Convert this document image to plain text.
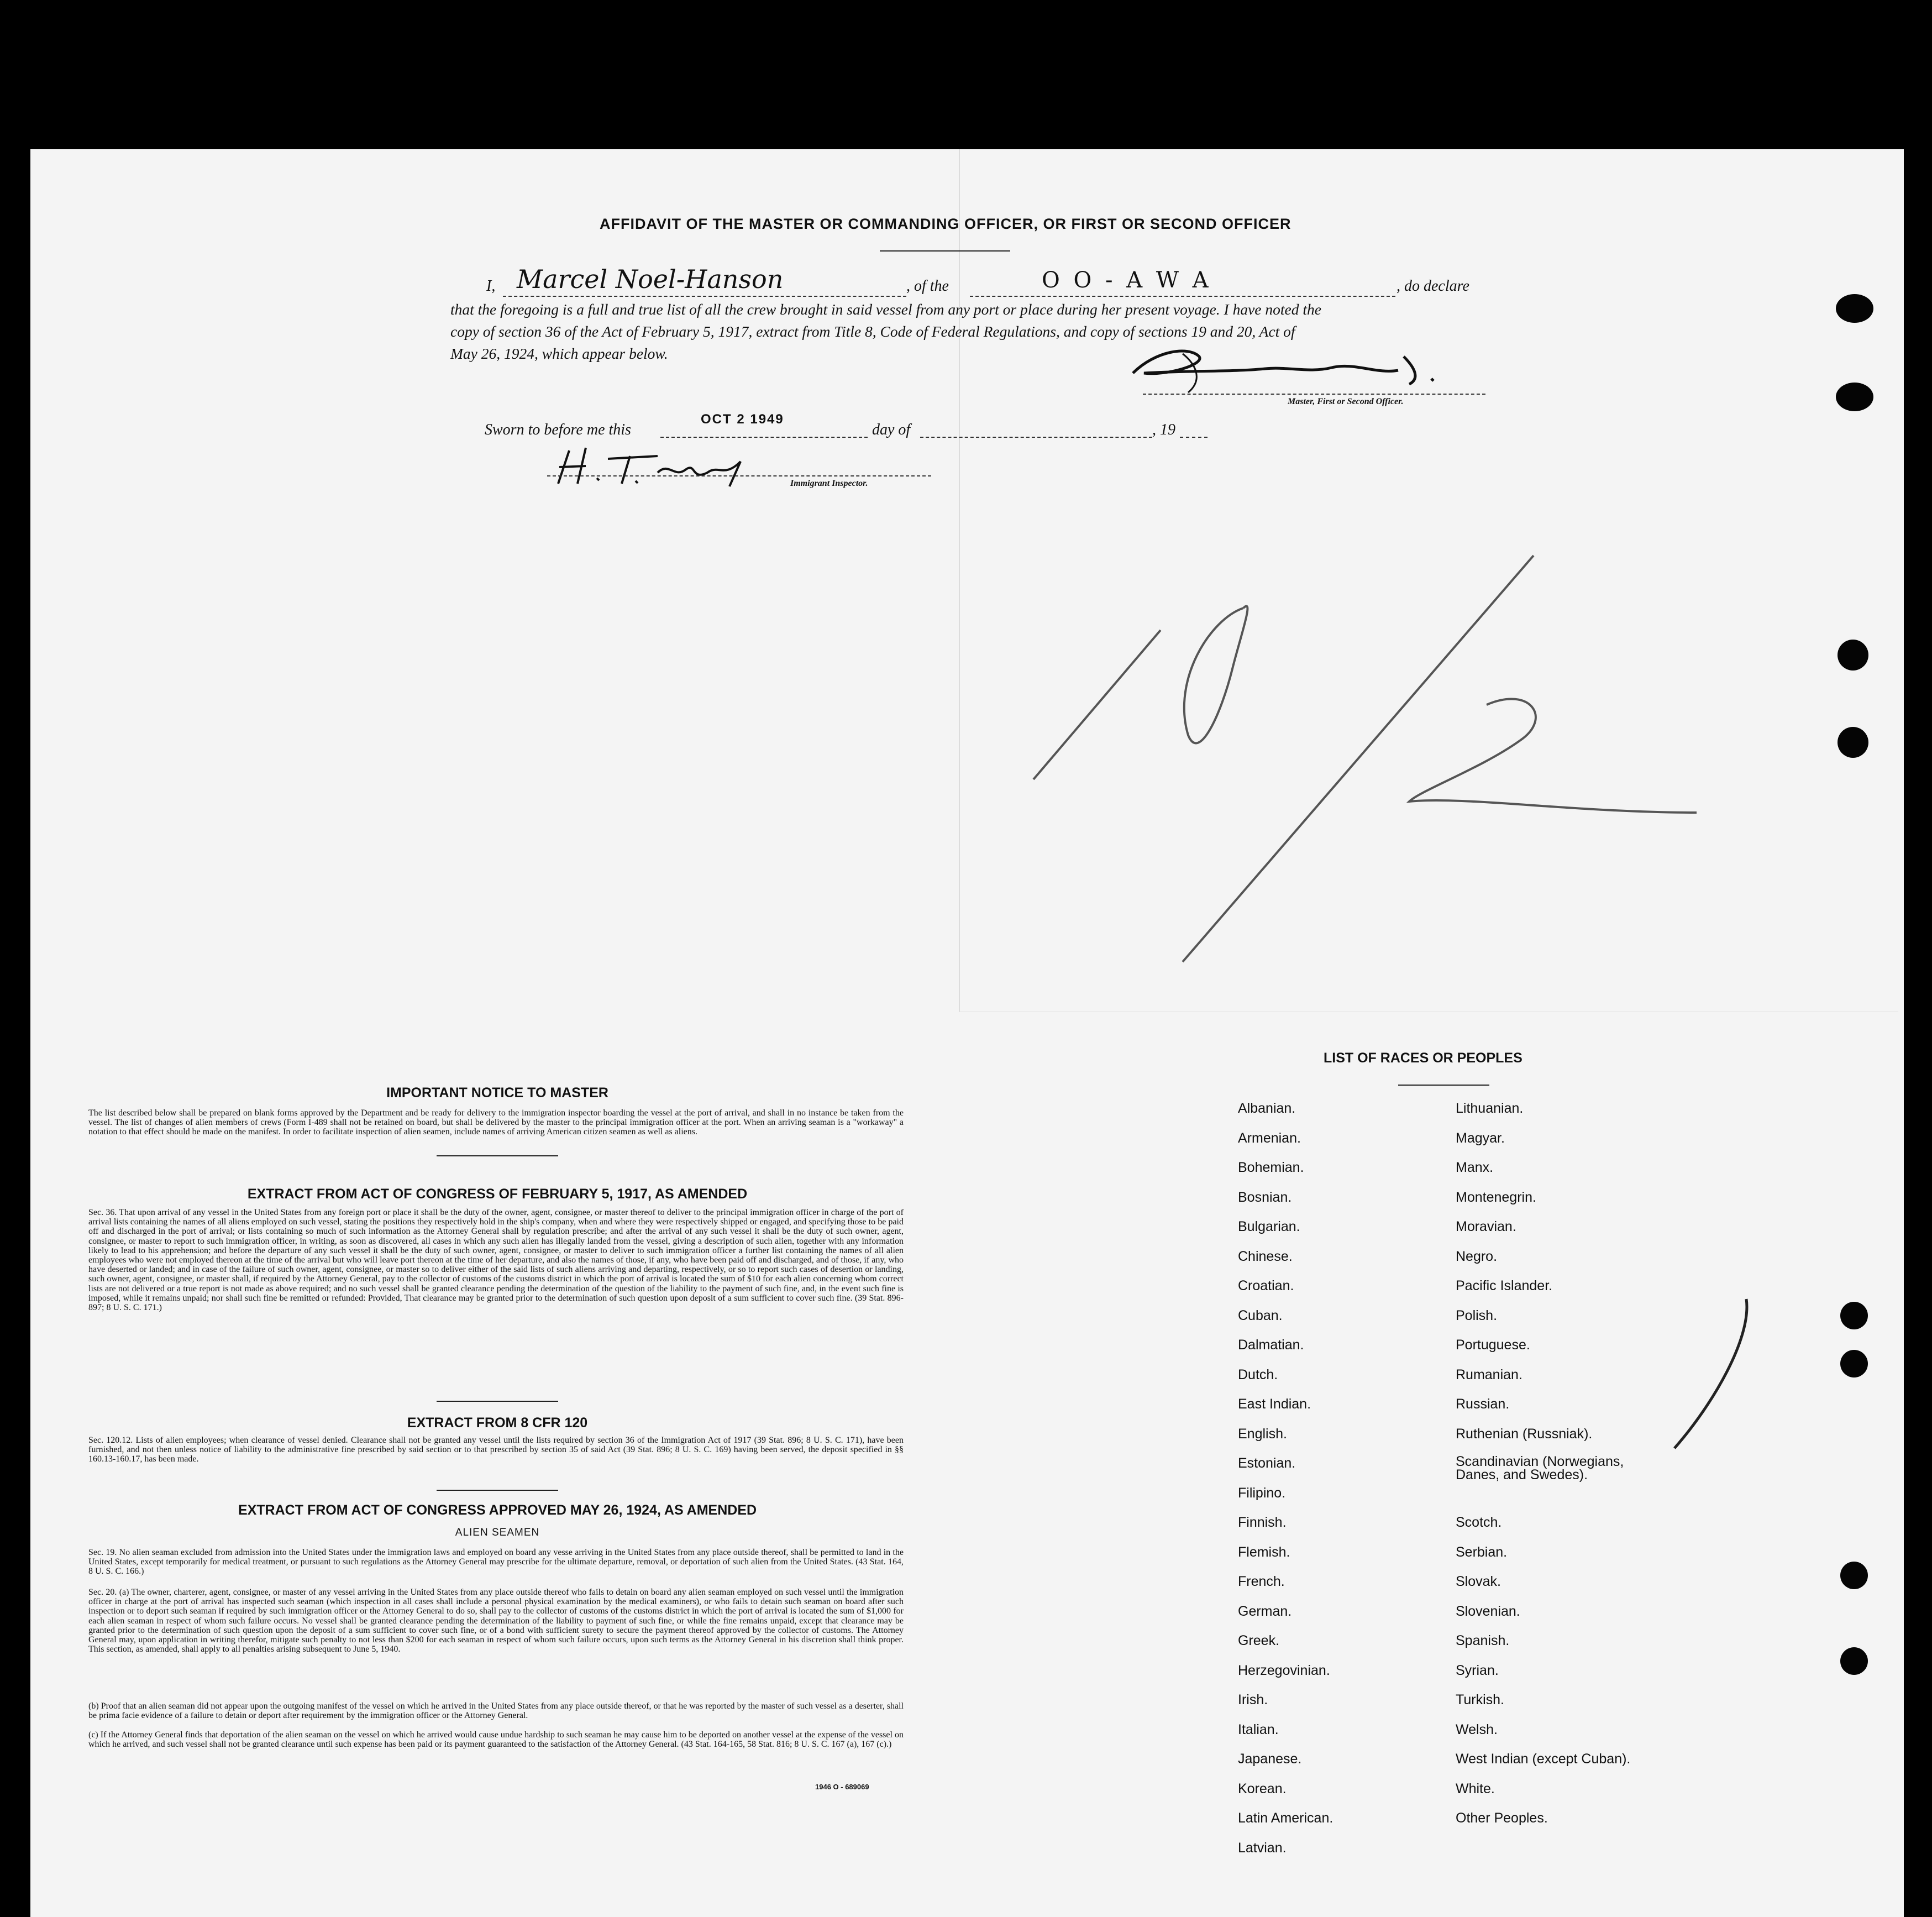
AFFIDAVIT OF THE MASTER OR COMMANDING OFFICER, OR FIRST OR SECOND OFFICER
I, Marcel Noel-Hanson	, of the	O O - A W A	, do declare
that the foregoing is a full and true list of all the crew brought in said vessel from any port or place during her present voyage. I have noted the
copy of section 36 of the Act of February 5, 1917, extract from Title 8, Code of Federal Regulations, and copy of sections 19 and 20, Act of
May 26, 1924, which appear below.
Master, First or Second Officer.
Sworn to before me this
OCT 2 1949
day of	, 19
Immigrant Inspector.
IMPORTANT NOTICE TO MASTER
The list described below shall be prepared on blank forms approved by the Department and be ready for delivery to the immigration inspector boarding the vessel at the port of arrival, and shall in no instance be taken from the vessel. The list of changes of alien members of crews (Form I-489 shall not be retained on board, but shall be delivered by the master to the principal immigration officer at the port. When an arriving seaman is a "workaway" a notation to that effect should be made on the manifest. In order to facilitate inspection of alien seamen, include names of arriving American citizen seamen as well as aliens.
EXTRACT FROM ACT OF CONGRESS OF FEBRUARY 5, 1917, AS AMENDED
Sec. 36. That upon arrival of any vessel in the United States from any foreign port or place it shall be the duty of the owner, agent, consignee, or master thereof to deliver to the principal immigration officer in charge of the port of arrival lists containing the names of all aliens employed on such vessel, stating the positions they respectively hold in the ship's company, when and where they were respectively shipped or engaged, and specifying those to be paid off and discharged in the port of arrival; or lists containing so much of such information as the Attorney General shall by regulation prescribe; and after the arrival of any such vessel it shall be the duty of such owner, agent, consignee, or master to report to such immigration officer, in writing, as soon as discovered, all cases in which any such alien has illegally landed from the vessel, giving a description of such alien, together with any information likely to lead to his apprehension; and before the departure of any such vessel it shall be the duty of such owner, agent, consignee, or master to deliver to such immigration officer a further list containing the names of all alien employees who were not employed thereon at the time of the arrival but who will leave port thereon at the time of her departure, and also the names of those, if any, who have been paid off and discharged, and of those, if any, who have deserted or landed; and in case of the failure of such owner, agent, consignee, or master so to deliver either of the said lists of such aliens arriving and departing, respectively, or so to report such cases of desertion or landing, such owner, agent, consignee, or master shall, if required by the Attorney General, pay to the collector of customs of the customs district in which the port of arrival is located the sum of $10 for each alien concerning whom correct lists are not delivered or a true report is not made as above required; and no such vessel shall be granted clearance pending the determination of the question of the liability to the payment of such fine, and, in the event such fine is imposed, while it remains unpaid; nor shall such fine be remitted or refunded: Provided, That clearance may be granted prior to the determination of such question upon deposit of a sum sufficient to cover such fine. (39 Stat. 896-897; 8 U. S. C. 171.)
EXTRACT FROM 8 CFR 120
Sec. 120.12. Lists of alien employees; when clearance of vessel denied. Clearance shall not be granted any vessel until the lists required by section 36 of the Immigration Act of 1917 (39 Stat. 896; 8 U. S. C. 171), have been furnished, and not then unless notice of liability to the administrative fine prescribed by said section or to that prescribed by section 35 of said Act (39 Stat. 896; 8 U. S. C. 169) having been served, the deposit specified in §§ 160.13-160.17, has been made.
EXTRACT FROM ACT OF CONGRESS APPROVED MAY 26, 1924, AS AMENDED
ALIEN SEAMEN
Sec. 19. No alien seaman excluded from admission into the United States under the immigration laws and employed on board any vesse arriving in the United States from any place outside thereof, shall be permitted to land in the United States, except temporarily for medical treatment, or pursuant to such regulations as the Attorney General may prescribe for the ultimate departure, removal, or deportation of such alien from the United States. (43 Stat. 164, 8 U. S. C. 166.)
Sec. 20. (a) The owner, charterer, agent, consignee, or master of any vessel arriving in the United States from any place outside thereof who fails to detain on board any alien seaman employed on such vessel until the immigration officer in charge at the port of arrival has inspected such seaman (which inspection in all cases shall include a personal physical examination by the medical examiners), or who fails to detain such seaman on board after such inspection or to deport such seaman if required by such immigration officer or the Attorney General to do so, shall pay to the collector of customs of the customs district in which the port of arrival is located the sum of $1,000 for each alien seaman in respect of whom such failure occurs. No vessel shall be granted clearance pending the determination of the liability to payment of such fine, or while the fine remains unpaid, except that clearance may be granted prior to the determination of such question upon the deposit of a sum sufficient to cover such fine, or of a bond with sufficient surety to secure the payment thereof approved by the collector of customs. The Attorney General may, upon application in writing therefor, mitigate such penalty to not less than $200 for each seaman in respect of whom such failure occurs, upon such terms as the Attorney General in his discretion shall think proper. This section, as amended, shall apply to all penalties arising subsequent to June 5, 1940.
(b) Proof that an alien seaman did not appear upon the outgoing manifest of the vessel on which he arrived in the United States from any place outside thereof, or that he was reported by the master of such vessel as a deserter, shall be prima facie evidence of a failure to detain or deport after requirement by the immigration officer or the Attorney General.
(c) If the Attorney General finds that deportation of the alien seaman on the vessel on which he arrived would cause undue hardship to such seaman he may cause him to be deported on another vessel at the expense of the vessel on which he arrived, and such vessel shall not be granted clearance until such expense has been paid or its payment guaranteed to the satisfaction of the Attorney General. (43 Stat. 164-165, 58 Stat. 816; 8 U. S. C. 167 (a), 167 (c).)
1946 O - 689069
LIST OF RACES OR PEOPLES
Albanian.
Armenian.
Bohemian.
Bosnian.
Bulgarian.
Chinese.
Croatian.
Cuban.
Dalmatian.
Dutch.
East Indian.
English.
Estonian.
Filipino.
Finnish.
Flemish.
French.
German.
Greek.
Herzegovinian.
Irish.
Italian.
Japanese.
Korean.
Latin American.
Latvian.
Lithuanian.
Magyar.
Manx.
Montenegrin.
Moravian.
Negro.
Pacific Islander.
Polish.
Portuguese.
Rumanian.
Russian.
Ruthenian (Russniak).
Scandinavian (Norwegians, Danes, and Swedes).
Scotch.
Serbian.
Slovak.
Slovenian.
Spanish.
Syrian.
Turkish.
Welsh.
West Indian (except Cuban).
White.
Other Peoples.
